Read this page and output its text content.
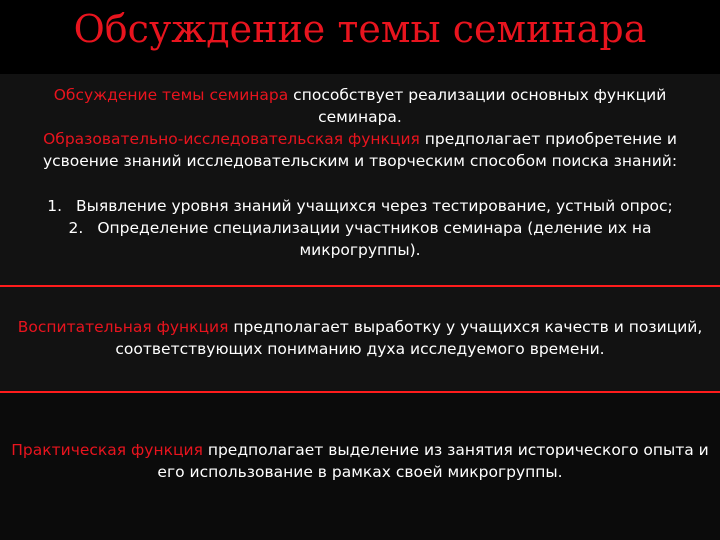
Обсуждение темы семинара
Обсуждение темы семинара способствует реализации основных функций семинара.
Образовательно-исследовательская функция предполагает приобретение и усвоение знаний исследовательским и творческим способом поиска знаний:
1. Выявление уровня знаний учащихся через тестирование, устный опрос;
2. Определение специализации участников семинара (деление их на микрогруппы).
Воспитательная функция предполагает выработку у учащихся качеств и позиций, соответствующих пониманию духа исследуемого времени.
Практическая функция предполагает выделение из занятия исторического опыта и его использование в рамках своей микрогруппы.
